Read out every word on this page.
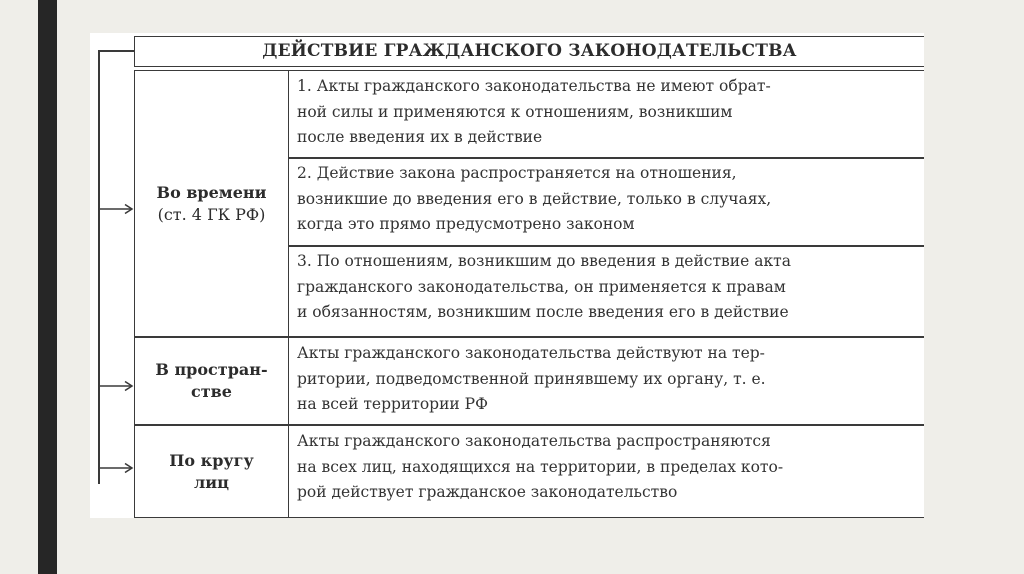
ДЕЙСТВИЕ ГРАЖДАНСКОГО ЗАКОНОДАТЕЛЬСТВА
Во времени
(ст. 4 ГК РФ)
1. Акты гражданского законодательства не имеют обрат-
ной силы и применяются к отношениям, возникшим
после введения их в действие
2. Действие закона распространяется на отношения,
возникшие до введения его в действие, только в случаях,
когда это прямо предусмотрено законом
3. По отношениям, возникшим до введения в действие акта
гражданского законодательства, он применяется к правам
и обязанностям, возникшим после введения его в действие
В простран-
стве
Акты гражданского законодательства действуют на тер-
ритории, подведомственной принявшему их органу, т. е.
на всей территории РФ
По кругу
лиц
Акты гражданского законодательства распространяются
на всех лиц, находящихся на территории, в пределах кото-
рой действует гражданское законодательство
